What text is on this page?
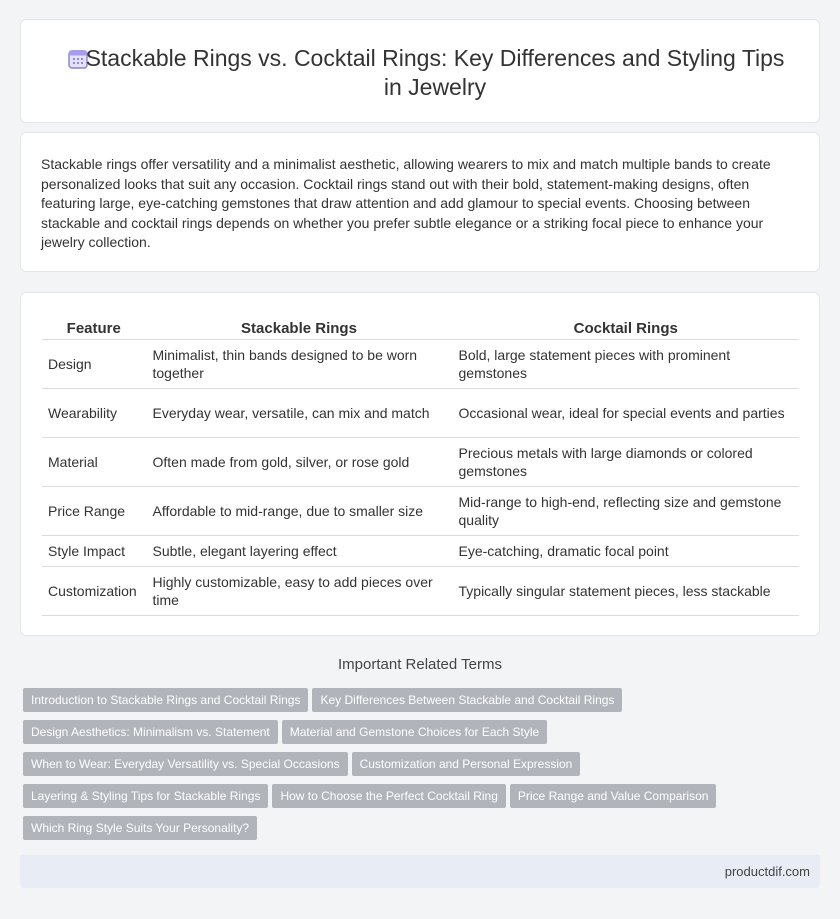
Stackable Rings vs. Cocktail Rings: Key Differences and Styling Tips in Jewelry

Stackable rings offer versatility and a minimalist aesthetic, allowing wearers to mix and match multiple bands to create personalized looks that suit any occasion. Cocktail rings stand out with their bold, statement-making designs, often featuring large, eye-catching gemstones that draw attention and add glamour to special events. Choosing between stackable and cocktail rings depends on whether you prefer subtle elegance or a striking focal piece to enhance your jewelry collection.

Feature	Stackable Rings	Cocktail Rings
Design	Minimalist, thin bands designed to be worn together	Bold, large statement pieces with prominent gemstones
Wearability	Everyday wear, versatile, can mix and match	Occasional wear, ideal for special events and parties
Material	Often made from gold, silver, or rose gold	Precious metals with large diamonds or colored gemstones
Price Range	Affordable to mid-range, due to smaller size	Mid-range to high-end, reflecting size and gemstone quality
Style Impact	Subtle, elegant layering effect	Eye-catching, dramatic focal point
Customization	Highly customizable, easy to add pieces over time	Typically singular statement pieces, less stackable
Important Related Terms
Introduction to Stackable Rings and Cocktail Rings Key Differences Between Stackable and Cocktail Rings
Design Aesthetics: Minimalism vs. Statement Material and Gemstone Choices for Each Style
When to Wear: Everyday Versatility vs. Special Occasions Customization and Personal Expression
Layering & Styling Tips for Stackable Rings How to Choose the Perfect Cocktail Ring Price Range and Value Comparison
Which Ring Style Suits Your Personality?
productdif.com
